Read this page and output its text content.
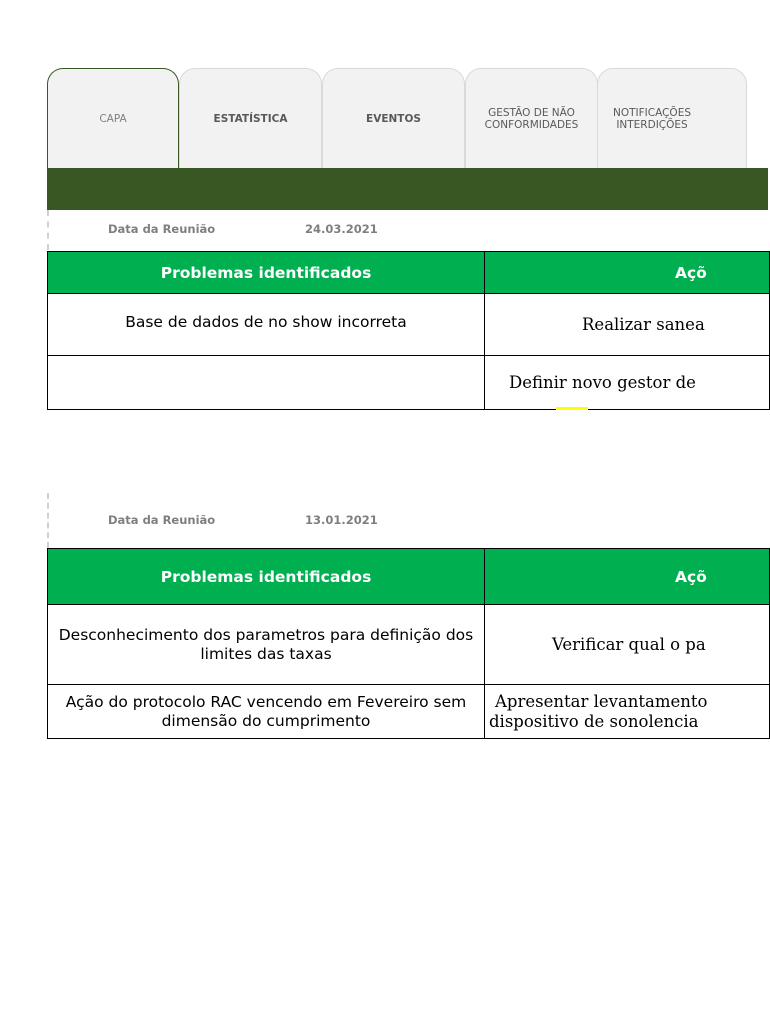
CAPA	ESTATÍSTICA	EVENTOS	GESTÃO DE NÃO
CONFORMIDADES
NOTIFICAÇÕES
INTERDIÇÕES
Data da Reunião	24.03.2021
Problemas identificados	Açõ
Base de dados de no show incorreta	Realizar sanea
	Definir novo gestor de
Data da Reunião	13.01.2021
Problemas identificados	Açõ
Desconhecimento dos parametros para definição dos limites das taxas	Verificar qual o pa
Ação do protocolo RAC vencendo em Fevereiro sem dimensão do cumprimento	Apresentar levantamento
dispositivo de sonolencia
